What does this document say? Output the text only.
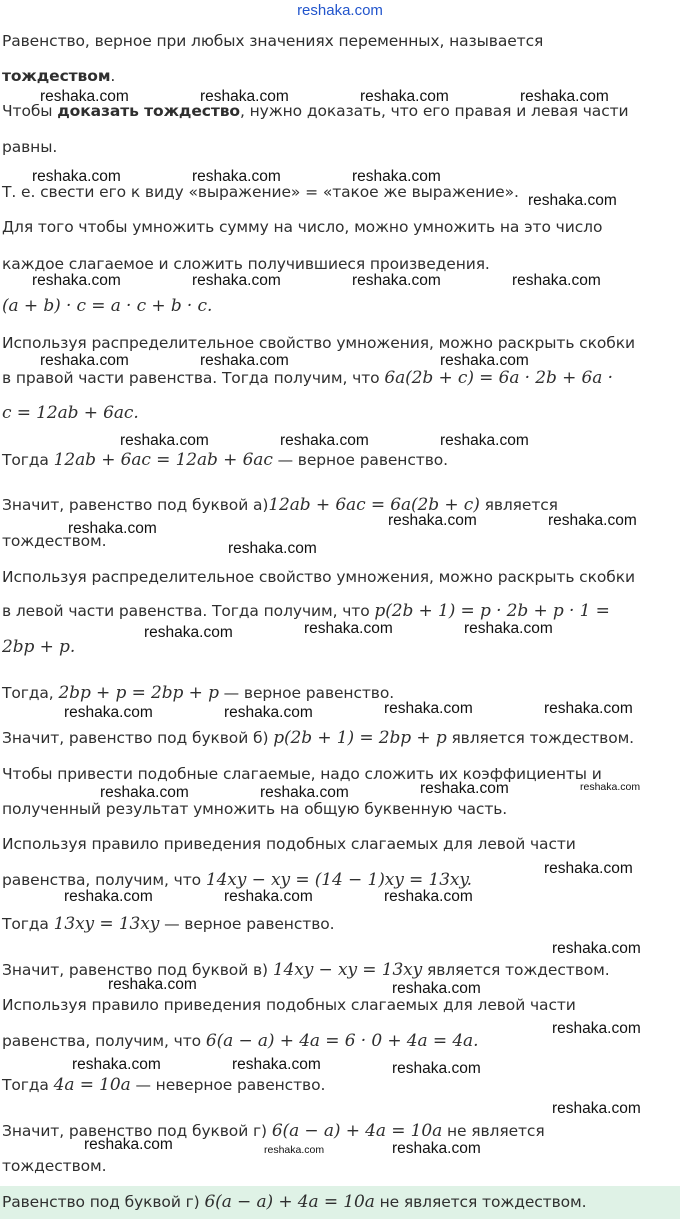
reshaka.com
Равенство, верное при любых значениях переменных, называется
тождеством.
Чтобы доказать тождество, нужно доказать, что его правая и левая части
равны.
Т. е. свести его к виду «выражение» = «такое же выражение».
Для того чтобы умножить сумму на число, можно умножить на это число
каждое слагаемое и сложить получившиеся произведения.
(a + b) · c = a · c + b · c.
Используя распределительное свойство умножения, можно раскрыть скобки
в правой части равенства. Тогда получим, что 6a(2b + c) = 6a · 2b + 6a ·
c = 12ab + 6ac.
Тогда 12ab + 6ac = 12ab + 6ac — верное равенство.
Значит, равенство под буквой а)12ab + 6ac = 6a(2b + c) является
тождеством.
Используя распределительное свойство умножения, можно раскрыть скобки
в левой части равенства. Тогда получим, что p(2b + 1) = p · 2b + p · 1 =
2bp + p.
Тогда, 2bp + p = 2bp + p — верное равенство.
Значит, равенство под буквой б) p(2b + 1) = 2bp + p является тождеством.
Чтобы привести подобные слагаемые, надо сложить их коэффициенты и
полученный результат умножить на общую буквенную часть.
Используя правило приведения подобных слагаемых для левой части
равенства, получим, что 14xy − xy = (14 − 1)xy = 13xy.
Тогда 13xy = 13xy — верное равенство.
Значит, равенство под буквой в) 14xy − xy = 13xy является тождеством.
Используя правило приведения подобных слагаемых для левой части
равенства, получим, что 6(a − a) + 4a = 6 · 0 + 4a = 4a.
Тогда 4a = 10a — неверное равенство.
Значит, равенство под буквой г) 6(a − a) + 4a = 10a не является
тождеством.
Равенство под буквой г) 6(a − a) + 4a = 10a не является тождеством.
reshaka.com	reshaka.com	reshaka.com	reshaka.com
reshaka.com	reshaka.com	reshaka.com
reshaka.com
reshaka.com	reshaka.com	reshaka.com	reshaka.com
reshaka.com	reshaka.com	reshaka.com
reshaka.com	reshaka.com	reshaka.com
reshaka.com	reshaka.com
reshaka.com
reshaka.com
reshaka.com	reshaka.com
reshaka.com
reshaka.com	reshaka.com
reshaka.com	reshaka.com
reshaka.com	reshaka.com
reshaka.com	reshaka.com
reshaka.com
reshaka.com	reshaka.com	reshaka.com
reshaka.com
reshaka.com	reshaka.com
reshaka.com
reshaka.com	reshaka.com	reshaka.com
reshaka.com
reshaka.com	reshaka.com	reshaka.com
